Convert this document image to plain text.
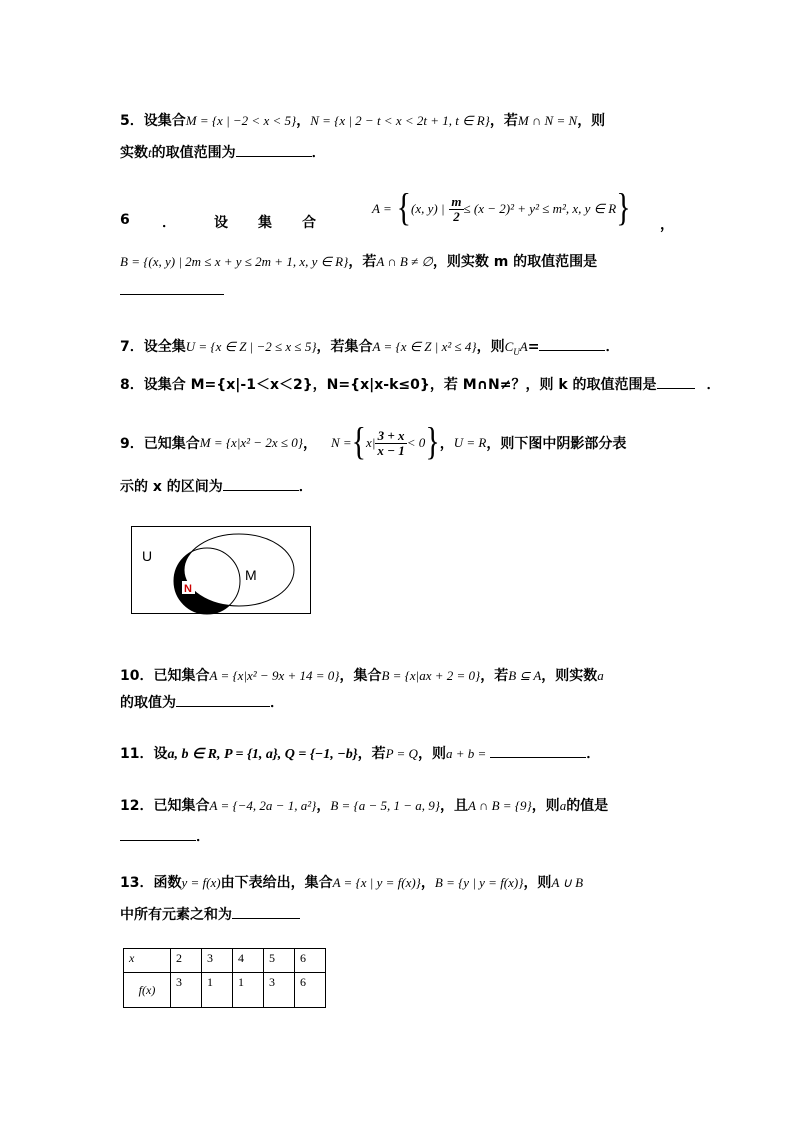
5．设集合M = {x | −2 < x < 5}，N = {x | 2 − t < x < 2t + 1, t ∈ R}，若M ∩ N = N，则
实数t的取值范围为	．
6 ．	设集合
A = {(x, y) | $\frac{m}{2} \le (x - 2)^2 + y^2 \le m^2$, x, y ∈ R} ，
B = {(x, y) | 2m ≤ x + y ≤ 2m + 1, x, y ∈ R}，若A ∩ B ≠ ∅，则实数 m 的取值范围是
7．设全集U = {x ∈ Z | −2 ≤ x ≤ 5}，若集合A = {x ∈ Z | x² ≤ 4}，则$C_UA=$	．
8．设集合 M={x|-1＜x＜2}，N={x|x-k≤0}，若 M∩N≠？，则 k 的取值范围是	．
9．已知集合M = {x|x² − 2x ≤ 0}， $N =\{x| \frac{3 + x}{x - 1} < 0\}$，U = R，则下图中阴影部分表
示的 x 的区间为	．
U
M
N
10．已知集合A = {x|x² − 9x + 14 = 0}，集合B = {x|ax + 2 = 0}，若B ⊆ A，则实数a
的取值为	．
11．设a, b ∈ R, P = {1, a}, Q = {−1, −b}，若P = Q，则a + b =	．
12．已知集合A = {−4, 2a − 1, a²}，B = {a − 5, 1 − a, 9}，且A ∩ B = {9}，则a的值是
．
13．函数y = f(x)由下表给出，集合A = {x | y = f(x)}，B = {y | y = f(x)}，则A ∪ B
中所有元素之和为
x	2	3	4	5	6
f(x)	3	1	1	3	6
